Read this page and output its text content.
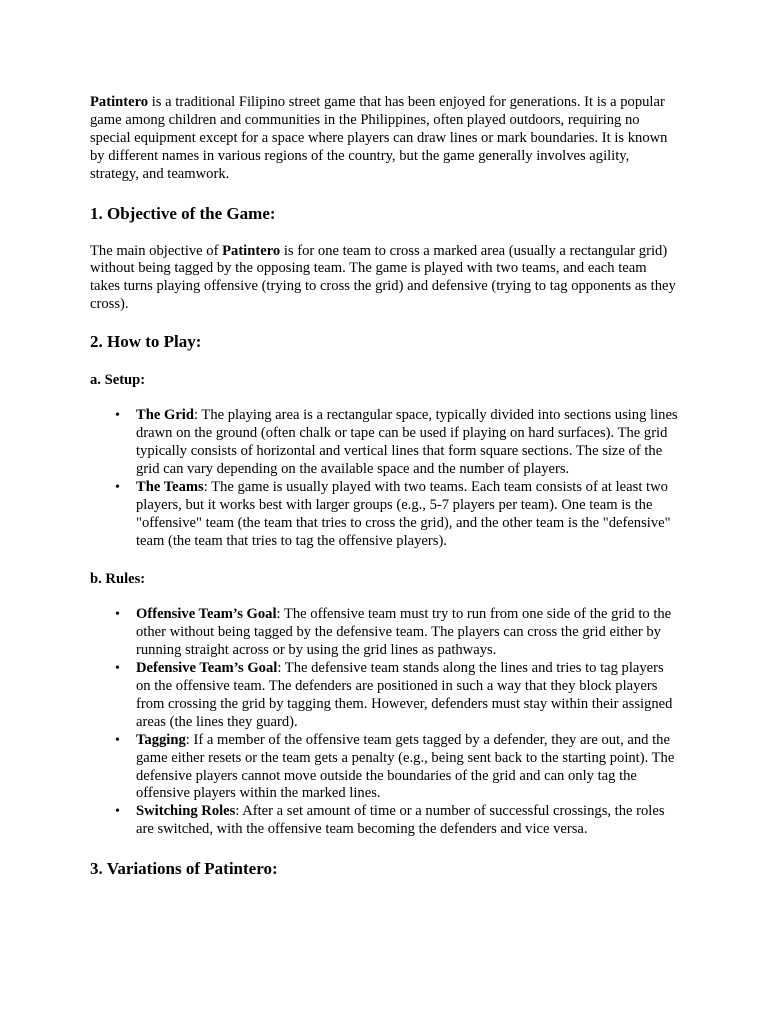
Patintero is a traditional Filipino street game that has been enjoyed for generations. It is a popular game among children and communities in the Philippines, often played outdoors, requiring no special equipment except for a space where players can draw lines or mark boundaries. It is known by different names in various regions of the country, but the game generally involves agility, strategy, and teamwork.

1. Objective of the Game:

The main objective of Patintero is for one team to cross a marked area (usually a rectangular grid) without being tagged by the opposing team. The game is played with two teams, and each team takes turns playing offensive (trying to cross the grid) and defensive (trying to tag opponents as they cross).

2. How to Play:
a. Setup:
• The Grid: The playing area is a rectangular space, typically divided into sections using lines drawn on the ground (often chalk or tape can be used if playing on hard surfaces). The grid typically consists of horizontal and vertical lines that form square sections. The size of the grid can vary depending on the available space and the number of players.
• The Teams: The game is usually played with two teams. Each team consists of at least two players, but it works best with larger groups (e.g., 5-7 players per team). One team is the "offensive" team (the team that tries to cross the grid), and the other team is the "defensive" team (the team that tries to tag the offensive players).
b. Rules:
• Offensive Team’s Goal: The offensive team must try to run from one side of the grid to the other without being tagged by the defensive team. The players can cross the grid either by running straight across or by using the grid lines as pathways.
• Defensive Team’s Goal: The defensive team stands along the lines and tries to tag players on the offensive team. The defenders are positioned in such a way that they block players from crossing the grid by tagging them. However, defenders must stay within their assigned areas (the lines they guard).
• Tagging: If a member of the offensive team gets tagged by a defender, they are out, and the game either resets or the team gets a penalty (e.g., being sent back to the starting point). The defensive players cannot move outside the boundaries of the grid and can only tag the offensive players within the marked lines.
• Switching Roles: After a set amount of time or a number of successful crossings, the roles are switched, with the offensive team becoming the defenders and vice versa.
3. Variations of Patintero:
